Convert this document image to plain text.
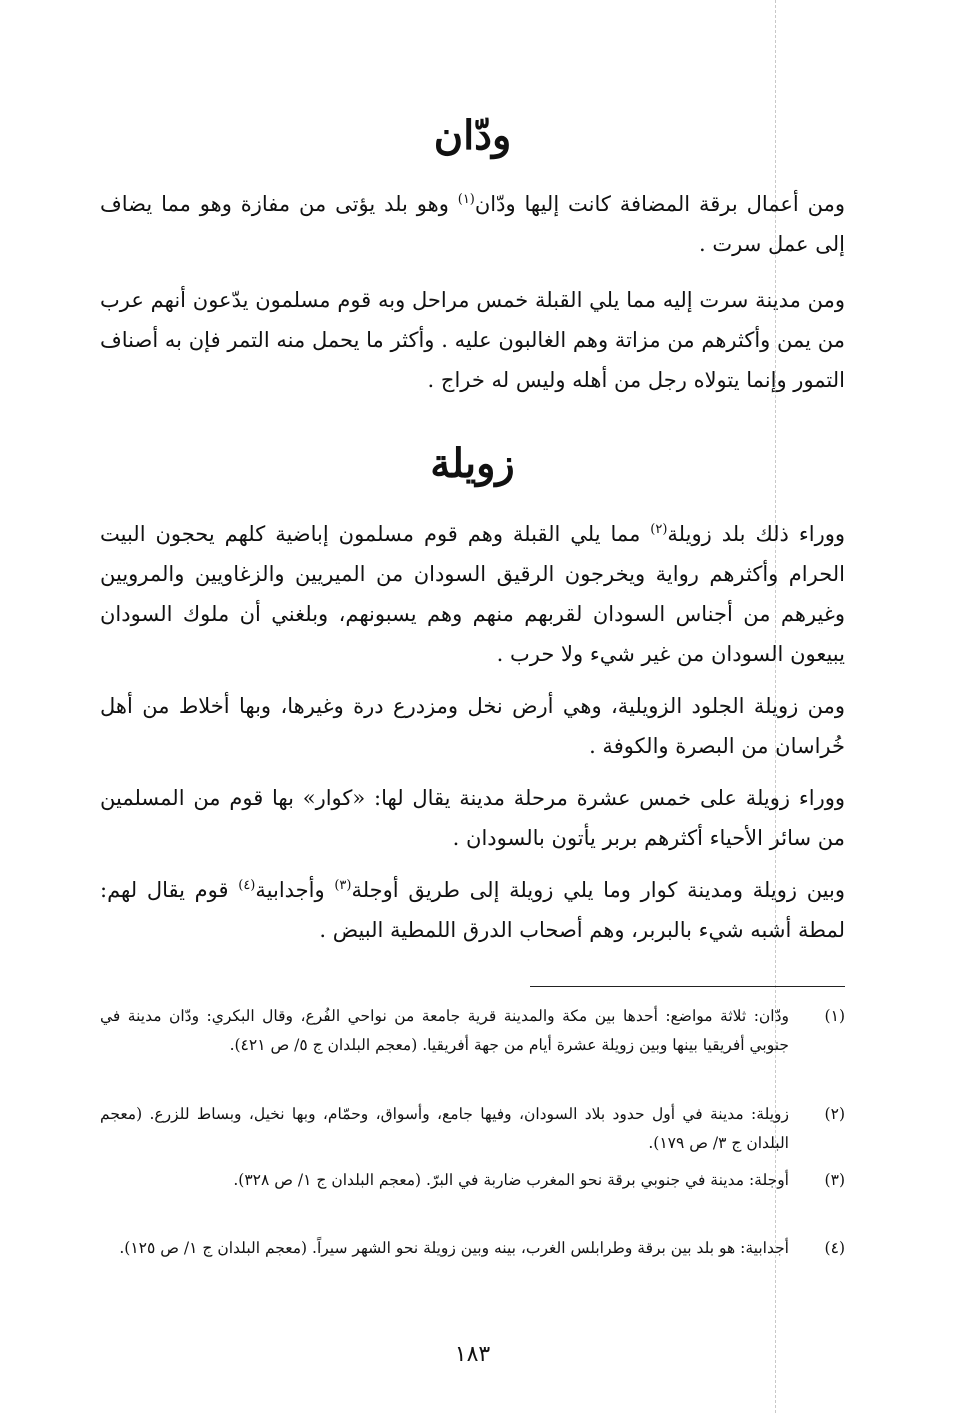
ودّان

ومن أعمال برقة المضافة كانت إليها ودّان$^{(١)}$ وهو بلد يؤتى من مفازة وهو مما يضاف إلى عمل سرت .

ومن مدينة سرت إليه مما يلي القبلة خمس مراحل وبه قوم مسلمون يدّعون أنهم عرب من يمن وأكثرهم من مزاتة وهم الغالبون عليه . وأكثر ما يحمل منه التمر فإن به أصناف التمور وإنما يتولاه رجل من أهله وليس له خراج .

زويلة

ووراء ذلك بلد زويلة$^{(٢)}$ مما يلي القبلة وهم قوم مسلمون إباضية كلهم يحجون البيت الحرام وأكثرهم رواية ويخرجون الرقيق السودان من الميريين والزغاويين والمرويين وغيرهم من أجناس السودان لقربهم منهم وهم يسبونهم، وبلغني أن ملوك السودان يبيعون السودان من غير شيء ولا حرب .

ومن زويلة الجلود الزويلية، وهي أرض نخل ومزدرع درة وغيرها، وبها أخلاط من أهل خُراسان من البصرة والكوفة .

ووراء زويلة على خمس عشرة مرحلة مدينة يقال لها: «كوار» بها قوم من المسلمين من سائر الأحياء أكثرهم بربر يأتون بالسودان .

وبين زويلة ومدينة كوار وما يلي زويلة إلى طريق أوجلة$^{(٣)}$ وأجدابية$^{(٤)}$ قوم يقال لهم: لمطة أشبه شيء بالبربر، وهم أصحاب الدرق اللمطية البيض .

(١)
ودّان: ثلاثة مواضع: أحدها بين مكة والمدينة قرية جامعة من نواحي الفُرع، وقال البكري: ودّان مدينة في جنوبي أفريقيا بينها وبين زويلة عشرة أيام من جهة أفريقيا. (معجم البلدان ج ٥/ ص ٤٢١).
(٢)
زويلة: مدينة في أول حدود بلاد السودان، وفيها جامع، وأسواق، وحمّام، وبها نخيل، وبساط للزرع. (معجم البلدان ج ٣/ ص ١٧٩).
(٣)
أوجلة: مدينة في جنوبي برقة نحو المغرب ضاربة في البرّ. (معجم البلدان ج ١/ ص ٣٢٨).
(٤)
أجدابية: هو بلد بين برقة وطرابلس الغرب، بينه وبين زويلة نحو الشهر سيراً. (معجم البلدان ج ١/ ص ١٢٥).

١٨٣
